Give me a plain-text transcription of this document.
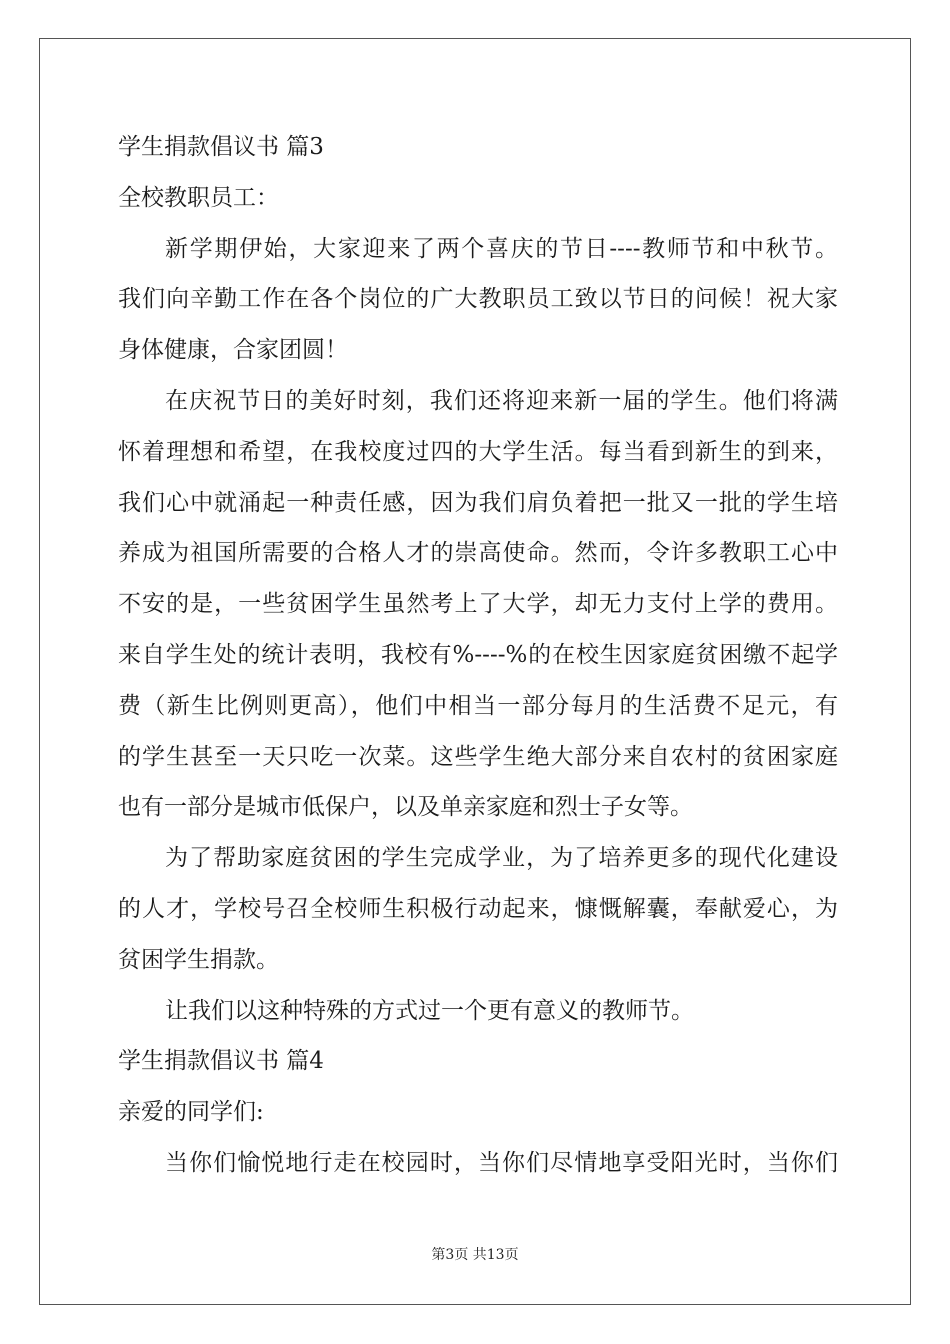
学生捐款倡议书 篇3
全校教职员工：
新学期伊始，大家迎来了两个喜庆的节日----教师节和中秋节。
我们向辛勤工作在各个岗位的广大教职员工致以节日的问候！祝大家
身体健康，合家团圆！
在庆祝节日的美好时刻，我们还将迎来新一届的学生。他们将满
怀着理想和希望，在我校度过四的大学生活。每当看到新生的到来，
我们心中就涌起一种责任感，因为我们肩负着把一批又一批的学生培
养成为祖国所需要的合格人才的崇高使命。然而，令许多教职工心中
不安的是，一些贫困学生虽然考上了大学，却无力支付上学的费用。
来自学生处的统计表明，我校有%----%的在校生因家庭贫困缴不起学
费（新生比例则更高），他们中相当一部分每月的生活费不足元，有
的学生甚至一天只吃一次菜。这些学生绝大部分来自农村的贫困家庭
也有一部分是城市低保户，以及单亲家庭和烈士子女等。
为了帮助家庭贫困的学生完成学业，为了培养更多的现代化建设
的人才，学校号召全校师生积极行动起来，慷慨解囊，奉献爱心，为
贫困学生捐款。
让我们以这种特殊的方式过一个更有意义的教师节。
学生捐款倡议书 篇4
亲爱的同学们:
当你们愉悦地行走在校园时，当你们尽情地享受阳光时，当你们
第3页 共13页
